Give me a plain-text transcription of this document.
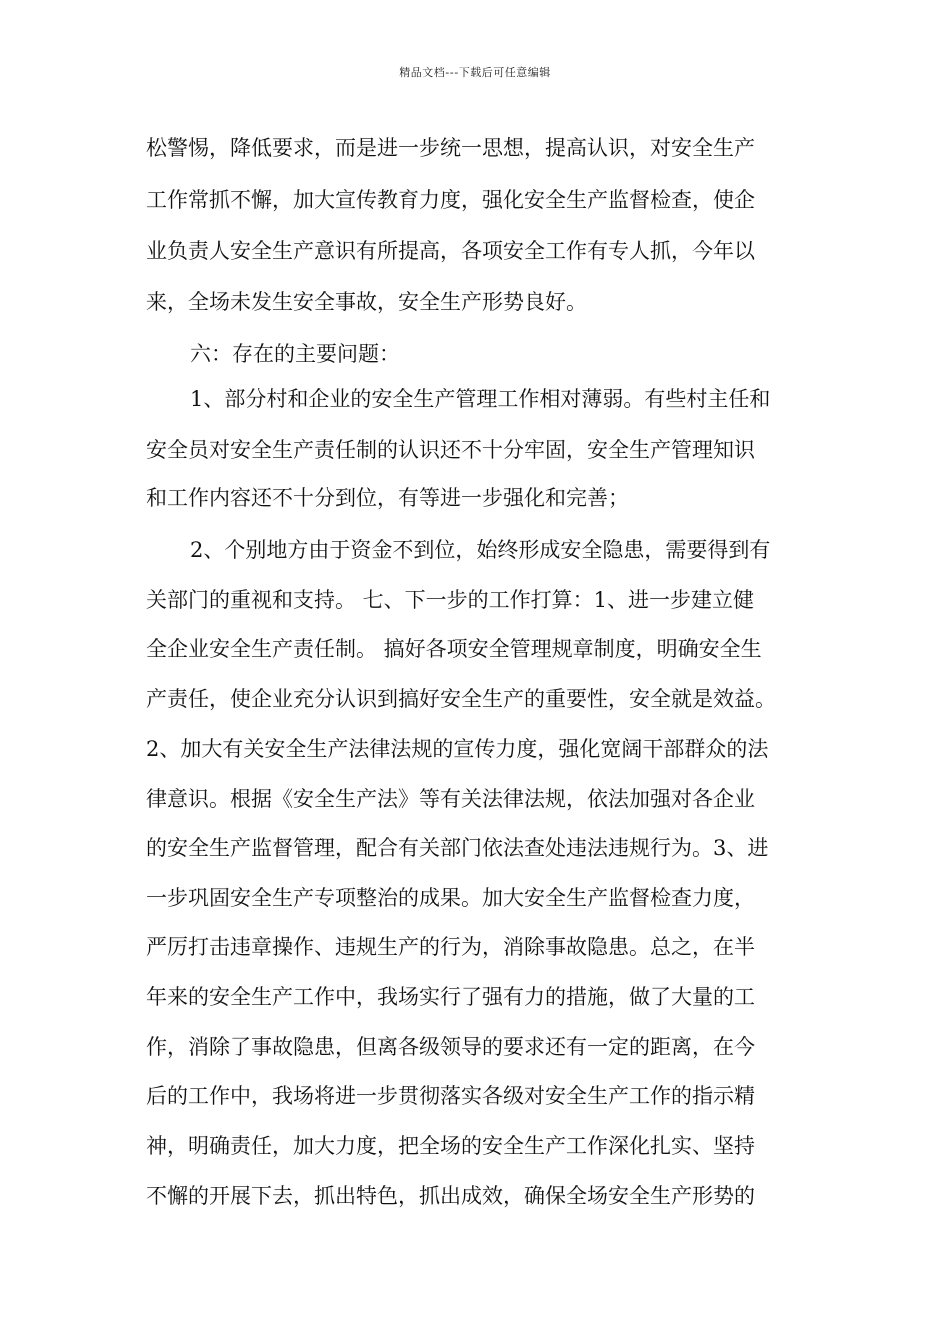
精品文档---下载后可任意编辑
松警惕，降低要求，而是进一步统一思想，提高认识，对安全生产
工作常抓不懈，加大宣传教育力度，强化安全生产监督检查，使企
业负责人安全生产意识有所提高，各项安全工作有专人抓，今年以
来，全场未发生安全事故，安全生产形势良好。
六：存在的主要问题：
1、部分村和企业的安全生产管理工作相对薄弱。有些村主任和
安全员对安全生产责任制的认识还不十分牢固，安全生产管理知识
和工作内容还不十分到位，有等进一步强化和完善；
2、个别地方由于资金不到位，始终形成安全隐患，需要得到有
关部门的重视和支持。 七、下一步的工作打算：1、进一步建立健
全企业安全生产责任制。 搞好各项安全管理规章制度，明确安全生
产责任，使企业充分认识到搞好安全生产的重要性，安全就是效益。
2、加大有关安全生产法律法规的宣传力度，强化宽阔干部群众的法
律意识。根据《安全生产法》等有关法律法规，依法加强对各企业
的安全生产监督管理，配合有关部门依法查处违法违规行为。3、进
一步巩固安全生产专项整治的成果。加大安全生产监督检查力度，
严厉打击违章操作、违规生产的行为，消除事故隐患。总之，在半
年来的安全生产工作中，我场实行了强有力的措施，做了大量的工
作，消除了事故隐患，但离各级领导的要求还有一定的距离，在今
后的工作中，我场将进一步贯彻落实各级对安全生产工作的指示精
神，明确责任，加大力度，把全场的安全生产工作深化扎实、坚持
不懈的开展下去，抓出特色，抓出成效，确保全场安全生产形势的
